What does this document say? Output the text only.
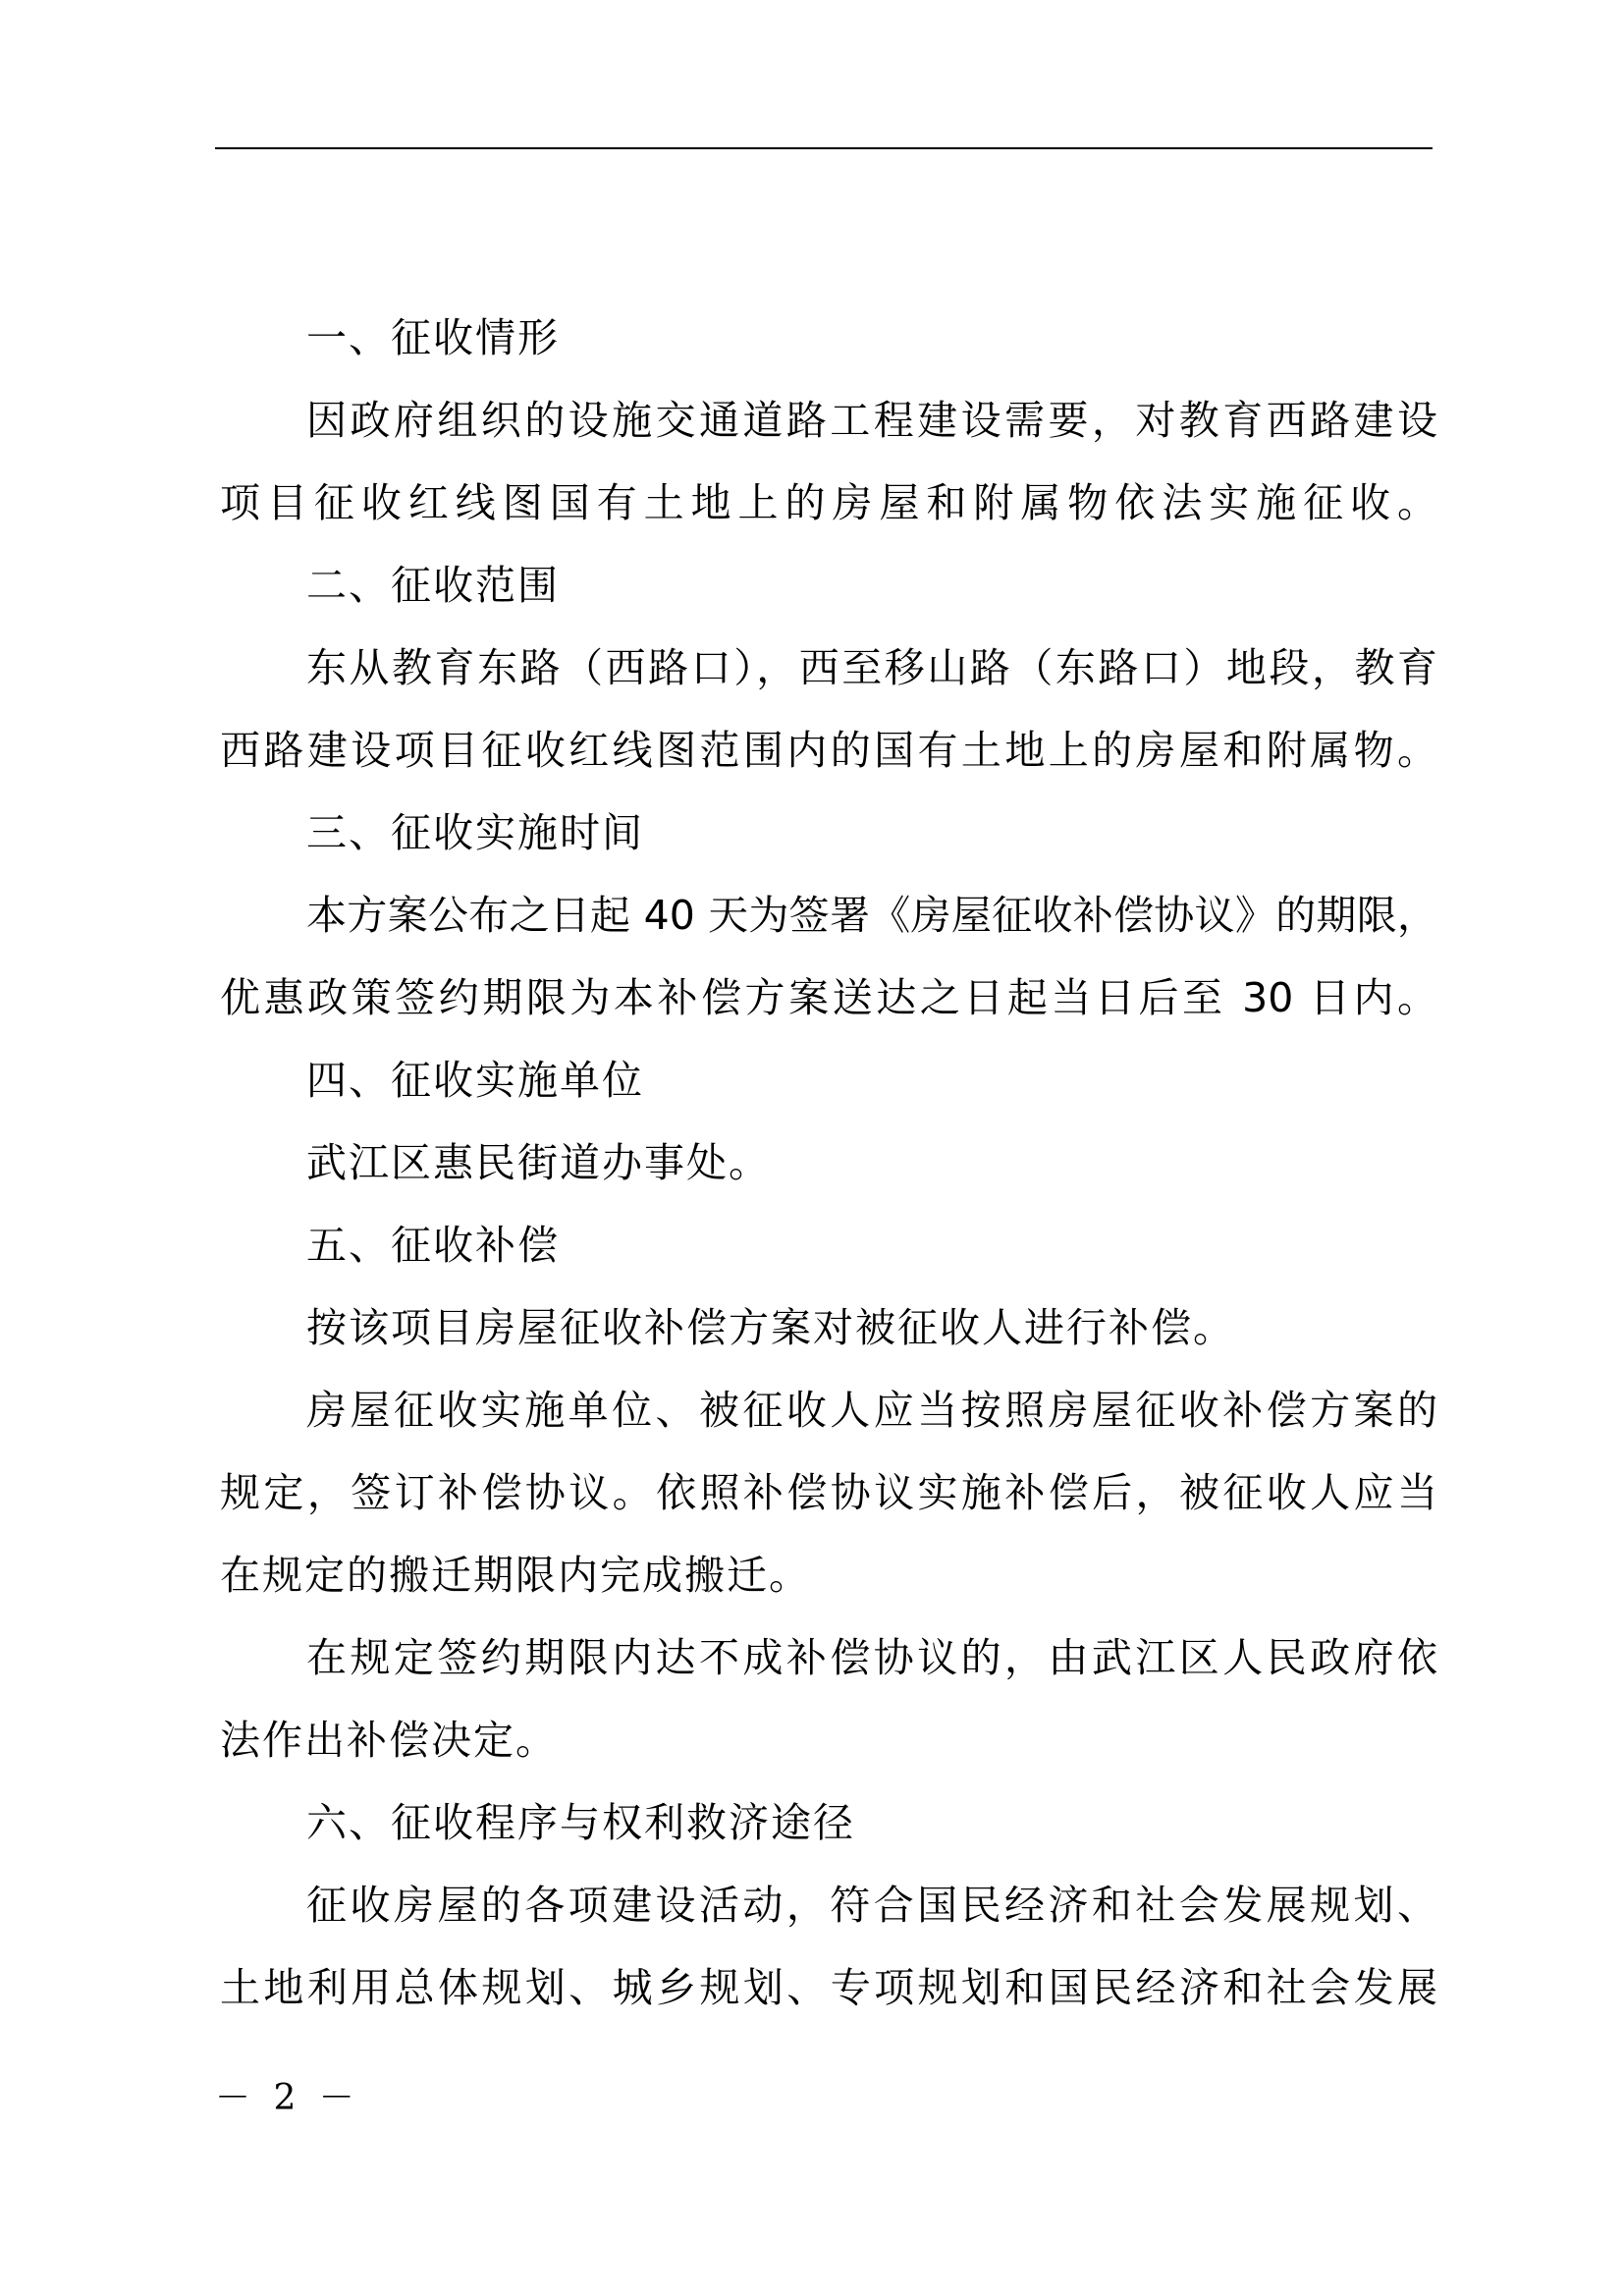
一、征收情形
因政府组织的设施交通道路工程建设需要，对教育西路建设
项目征收红线图国有土地上的房屋和附属物依法实施征收。
二、征收范围
东从教育东路（西路口），西至移山路（东路口）地段，教育
西路建设项目征收红线图范围内的国有土地上的房屋和附属物。
三、征收实施时间
本方案公布之日起 40 天为签署《房屋征收补偿协议》的期限，
优惠政策签约期限为本补偿方案送达之日起当日后至 30 日内。
四、征收实施单位
武江区惠民街道办事处。
五、征收补偿
按该项目房屋征收补偿方案对被征收人进行补偿。
房屋征收实施单位、被征收人应当按照房屋征收补偿方案的
规定，签订补偿协议。依照补偿协议实施补偿后，被征收人应当
在规定的搬迁期限内完成搬迁。
在规定签约期限内达不成补偿协议的，由武江区人民政府依
法作出补偿决定。
六、征收程序与权利救济途径
征收房屋的各项建设活动，符合国民经济和社会发展规划、
土地利用总体规划、城乡规划、专项规划和国民经济和社会发展
－ 2 －
